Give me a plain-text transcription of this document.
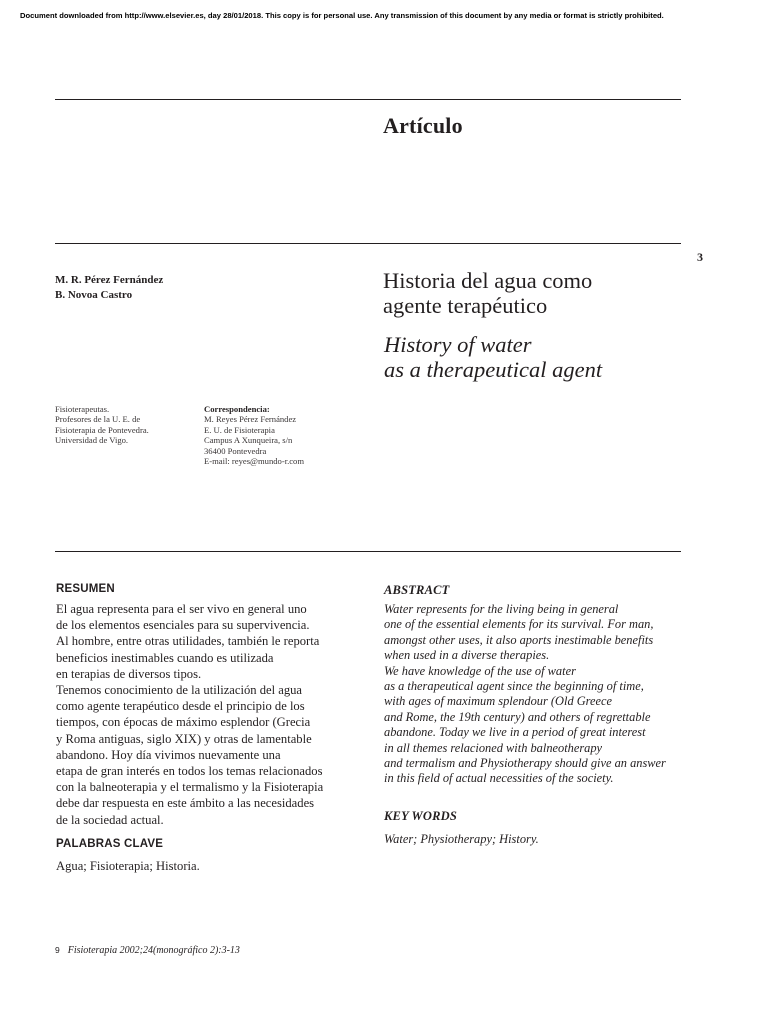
Document downloaded from http://www.elsevier.es, day 28/01/2018. This copy is for personal use. Any transmission of this document by any media or format is strictly prohibited.
Artículo
3
M. R. Pérez Fernández
B. Novoa Castro
Historia del agua como
agente terapéutico
History of water
as a therapeutical agent
Fisioterapeutas.
Profesores de la U. E. de
Fisioterapia de Pontevedra.
Universidad de Vigo.
Correspondencia:
M. Reyes Pérez Fernández
E. U. de Fisioterapia
Campus A Xunqueira, s/n
36400 Pontevedra
E-mail: reyes@mundo-r.com
RESUMEN
El agua representa para el ser vivo en general uno
de los elementos esenciales para su supervivencia.
Al hombre, entre otras utilidades, también le reporta
beneficios inestimables cuando es utilizada
en terapias de diversos tipos.
Tenemos conocimiento de la utilización del agua
como agente terapéutico desde el principio de los
tiempos, con épocas de máximo esplendor (Grecia
y Roma antiguas, siglo XIX) y otras de lamentable
abandono. Hoy día vivimos nuevamente una
etapa de gran interés en todos los temas relacionados
con la balneoterapia y el termalismo y la Fisioterapia
debe dar respuesta en este ámbito a las necesidades
de la sociedad actual.
PALABRAS CLAVE
Agua; Fisioterapia; Historia.
ABSTRACT
Water represents for the living being in general
one of the essential elements for its survival. For man,
amongst other uses, it also aports inestimable benefits
when used in a diverse therapies.
We have knowledge of the use of water
as a therapeutical agent since the beginning of time,
with ages of maximum splendour (Old Greece
and Rome, the 19th century) and others of regrettable
abandone. Today we live in a period of great interest
in all themes relacioned with balneotherapy
and termalism and Physiotherapy should give an answer
in this field of actual necessities of the society.
KEY WORDS
Water; Physiotherapy; History.
9 Fisioterapia 2002;24(monográfico 2):3-13
